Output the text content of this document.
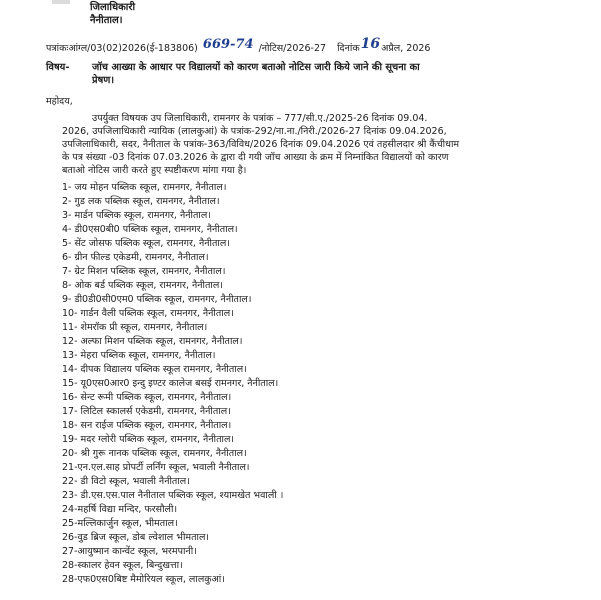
जिलाधिकारी
नैनीताल।
पत्रांकःआंग्ल/03(02)2026(ई-183806) 669-74 /नोटिस/2026-27 दिनांक16अप्रैल, 2026
विषय- जॉच आख्या के आधार पर विद्यालयों को कारण बताओ नोटिस जारी किये जाने की सूचना का
प्रेषण।
महोदय,
उपर्युक्त विषयक उप जिलाधिकारी, रामनगर के पत्रांक – 777/सी.ए./2025-26 दिनांक 09.04.
2026, उपजिलाधिकारी न्यायिक (लालकुआं) के पत्रांक-292/ना.ना./निरी./2026-27 दिनांक 09.04.2026,
उपजिलाधिकारी, सदर, नैनीताल के पत्रांक-363/विविध/2026 दिनांक 09.04.2026 एवं तहसीलदार श्री कैंचीधाम
के पत्र संख्या -03 दिनांक 07.03.2026 के द्वारा दी गयी जॉच आख्या के क्रम में निम्नांकित विद्यालयों को कारण
बताओ नोटिस जारी करते हुए स्पष्टीकरण मांगा गया है।
1- जय मोहन पब्लिक स्कूल, रामनगर, नैनीताल।
2- गुड लक पब्लिक स्कूल, रामनगर, नैनीताल।
3- मार्डन पब्लिक स्कूल, रामनगर, नैनीताल।
4- डी0एस0बी0 पब्लिक स्कूल, रामनगर, नैनीताल।
5- सेंट जोसफ पब्लिक स्कूल, रामनगर, नैनीताल।
6- ग्रीन फील्ड एकेडमी, रामनगर, नैनीताल।
7- ग्रेट मिशन पब्लिक स्कूल, रामनगर, नैनीताल।
8- ओक बर्ड पब्लिक स्कूल, रामनगर, नैनीताल।
9- डी0डी0सी0एम0 पब्लिक स्कूल, रामनगर, नैनीताल।
10- गार्डन वैली पब्लिक स्कूल, रामनगर, नैनीताल।
11- शेमरॉक प्री स्कूल, रामनगर, नैनीताल।
12- अल्फा मिशन पब्लिक स्कूल, रामनगर, नैनीताल।
13- मेहरा पब्लिक स्कूल, रामनगर, नैनीताल।
14- दीपक विद्यालय पब्लिक स्कूल रामनगर, नैनीताल।
15- यू0एस0आर0 इन्दु इण्टर कालेज बसई रामनगर, नैनीताल।
16- सेन्ट रूमी पब्लिक स्कूल, रामनगर, नैनीताल।
17- लिटिल स्कालर्स एकेडमी, रामनगर, नैनीताल।
18- सन राईज पब्लिक स्कूल, रामनगर, नैनीताल।
19- मदर ग्लोरी पब्लिक स्कूल, रामनगर, नैनीताल।
20- श्री गुरू नानक पब्लिक स्कूल, रामनगर, नैनीताल।
21-एन.एल.साह प्रोपर्टी लर्निंग स्कूल, भवाली नैनीताल।
22- डी विटो स्कूल, भवाली नैनीताल।
23- डी.एस.एस.पाल नैनीताल पब्लिक स्कूल, श्यामखेत भवाली ।
24-महर्षि विद्या मन्दिर, फरसौली।
25-मल्लिकार्जुन स्कूल, भीमताल।
26-वुड ब्रिज स्कूल, डोब ल्वेशाल भीमताल।
27-आयुष्मान कान्वेंट स्कूल, भरमपानी।
28-स्कालर हेवन स्कूल, बिन्दुखत्ता।
28-एफ0एस0बिष्ट मैमोरियल स्कूल, लालकुआं।
